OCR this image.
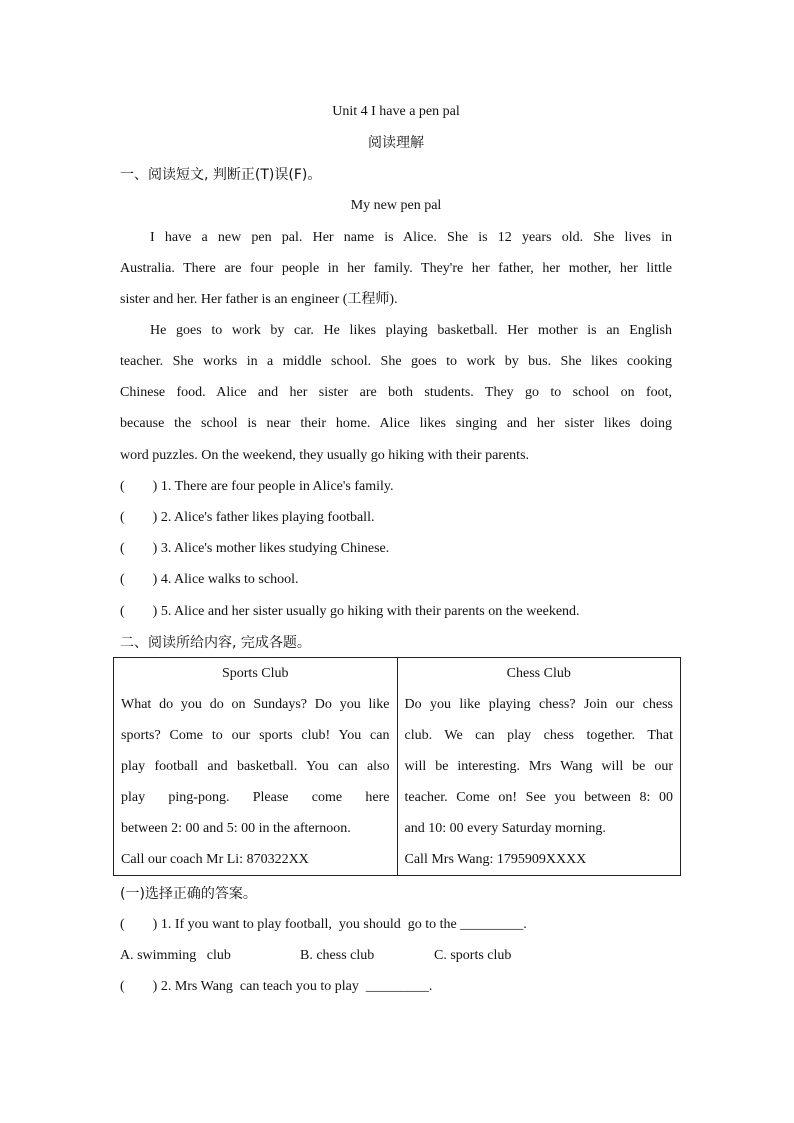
Unit 4 I have a pen pal
阅读理解
一、阅读短文, 判断正(T)误(F)。
My new pen pal
I have a new pen pal. Her name is Alice. She is 12 years old. She lives in
Australia. There are four people in her family. They're her father, her mother, her little
sister and her. Her father is an engineer (工程师).
He goes to work by car. He likes playing basketball. Her mother is an English
teacher. She works in a middle school. She goes to work by bus. She likes cooking
Chinese food. Alice and her sister are both students. They go to school on foot,
because the school is near their home. Alice likes singing and her sister likes doing
word puzzles. On the weekend, they usually go hiking with their parents.
(        ) 1. There are four people in Alice's family.
(        ) 2. Alice's father likes playing football.
(        ) 3. Alice's mother likes studying Chinese.
(        ) 4. Alice walks to school.
(        ) 5. Alice and her sister usually go hiking with their parents on the weekend.
二、阅读所给内容, 完成各题。
Sports Club
What do you do on Sundays? Do you like
sports? Come to our sports club! You can
play football and basketball. You can also
play ping-pong. Please come here
between 2: 00 and 5: 00 in the afternoon.
Call our coach Mr Li: 870322XX

Chess Club
Do you like playing chess? Join our chess
club. We can play chess together. That
will be interesting. Mrs Wang will be our
teacher. Come on! See you between 8: 00
and 10: 00 every Saturday morning.
Call Mrs Wang: 1795909XXXX
(一)选择正确的答案。
(        ) 1. If you want to play football,  you should  go to the _________.
A. swimming   club	B. chess club	C. sports club
(        ) 2. Mrs Wang  can teach you to play  _________.
